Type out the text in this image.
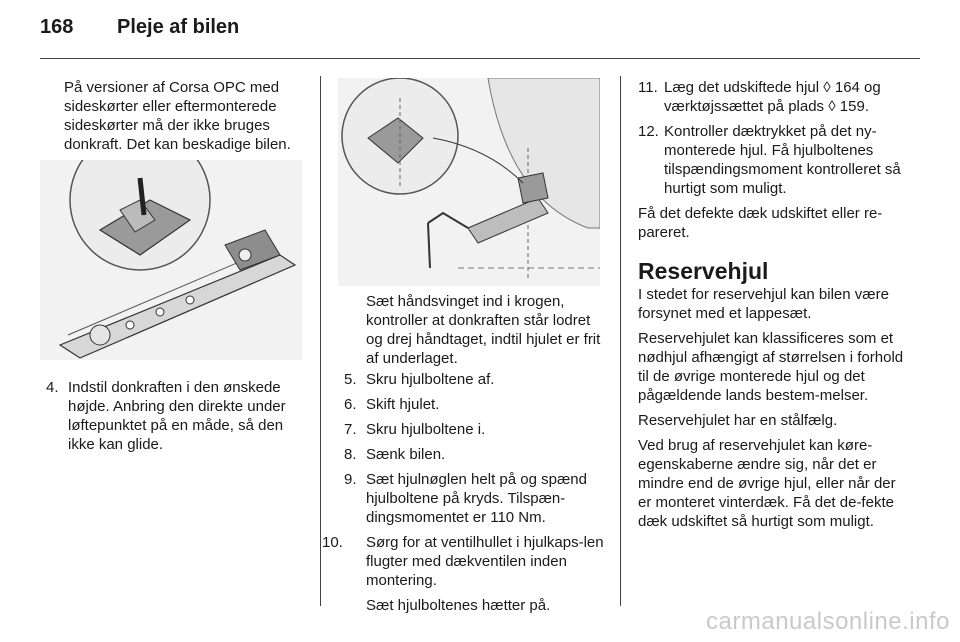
168 Pleje af bilen

På versioner af Corsa OPC med sideskørter eller eftermonterede sideskørter må der ikke bruges donkraft. Det kan beskadige bilen.

4. Indstil donkraften i den ønskede højde. Anbring den direkte under løftepunktet på en måde, så den ikke kan glide.

Sæt håndsvinget ind i krogen, kontroller at donkraften står lodret og drej håndtaget, indtil hjulet er frit af underlaget.

5. Skru hjulboltene af.
6. Skift hjulet.
7. Skru hjulboltene i.
8. Sænk bilen.
9. Sæt hjulnøglen helt på og spænd hjulboltene på kryds. Tilspæn-dingsmomentet er 110 Nm.
10. Sørg for at ventilhullet i hjulkaps-len flugter med dækventilen inden montering.

Sæt hjulboltenes hætter på.

11. Læg det udskiftede hjul ◊ 164 og værktøjssættet på plads ◊ 159.
12. Kontroller dæktrykket på det ny-monterede hjul. Få hjulboltenes tilspændingsmoment kontrolleret så hurtigt som muligt.

Få det defekte dæk udskiftet eller re-pareret.

Reservehjul

I stedet for reservehjul kan bilen være forsynet med et lappesæt.

Reservehjulet kan klassificeres som et nødhjul afhængigt af størrelsen i forhold til de øvrige monterede hjul og det pågældende lands bestem-melser.

Reservehjulet har en stålfælg.

Ved brug af reservehjulet kan køre-egenskaberne ændre sig, når det er mindre end de øvrige hjul, eller når der er monteret vinterdæk. Få det de-fekte dæk udskiftet så hurtigt som muligt.

carmanualsonline.info
